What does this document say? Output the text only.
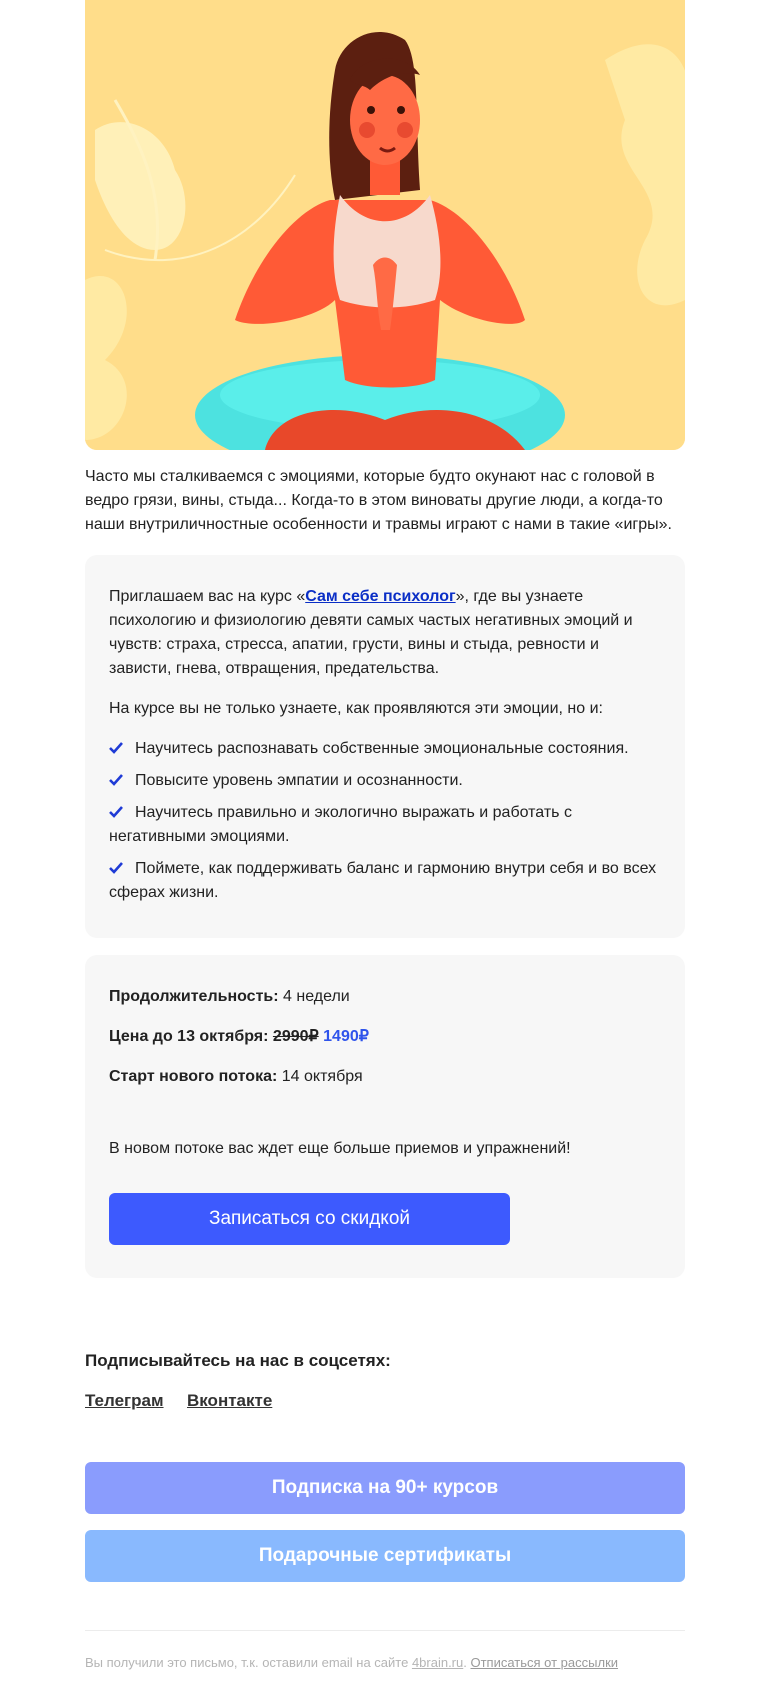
Часто мы сталкиваемся с эмоциями, которые будто окунают нас с головой в ведро грязи, вины, стыда... Когда-то в этом виноваты другие люди, а когда-то наши внутриличностные особенности и травмы играют с нами в такие «игры».

Приглашаем вас на курс «Сам себе психолог», где вы узнаете психологию и физиологию девяти самых частых негативных эмоций и чувств: страха, стресса, апатии, грусти, вины и стыда, ревности и зависти, гнева, отвращения, предательства.

На курсе вы не только узнаете, как проявляются эти эмоции, но и:

Научитесь распознавать собственные эмоциональные состояния.

Повысите уровень эмпатии и осознанности.

Научитесь правильно и экологично выражать и работать с негативными эмоциями.

Поймете, как поддерживать баланс и гармонию внутри себя и во всех сферах жизни.

Продолжительность: 4 недели

Цена до 13 октября: 2990₽ 1490₽

Старт нового потока: 14 октября

В новом потоке вас ждет еще больше приемов и упражнений!

Записаться со скидкой
Подписывайтесь на нас в соцсетях:
Телеграм Вконтакте
Подписка на 90+ курсов
Подарочные сертификаты
Вы получили это письмо, т.к. оставили email на сайте 4brain.ru. Отписаться от рассылки
